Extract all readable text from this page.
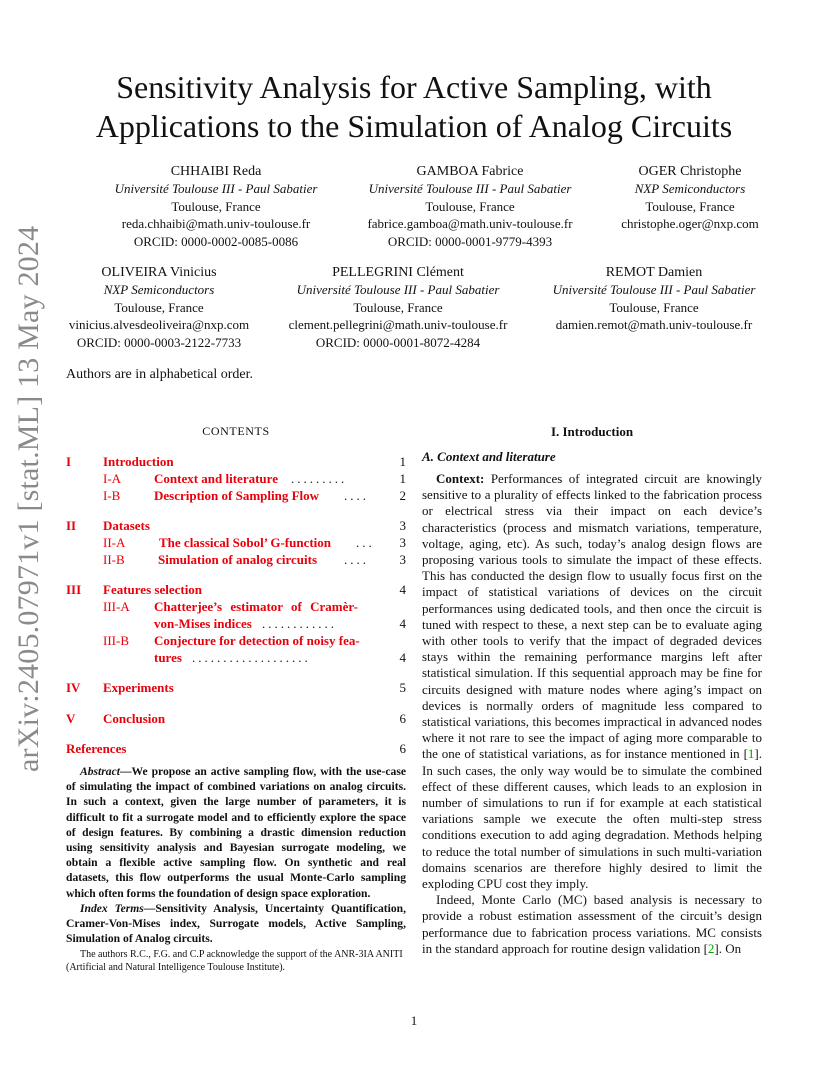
arXiv:2405.07971v1 [stat.ML] 13 May 2024
Sensitivity Analysis for Active Sampling, with
Applications to the Simulation of Analog Circuits
CHHAIBI Reda
Université Toulouse III - Paul Sabatier
Toulouse, France
reda.chhaibi@math.univ-toulouse.fr
ORCID: 0000-0002-0085-0086
GAMBOA Fabrice
Université Toulouse III - Paul Sabatier
Toulouse, France
fabrice.gamboa@math.univ-toulouse.fr
ORCID: 0000-0001-9779-4393
OGER Christophe
NXP Semiconductors
Toulouse, France
christophe.oger@nxp.com
OLIVEIRA Vinicius
NXP Semiconductors
Toulouse, France
vinicius.alvesdeoliveira@nxp.com
ORCID: 0000-0003-2122-7733
PELLEGRINI Clément
Université Toulouse III - Paul Sabatier
Toulouse, France
clement.pellegrini@math.univ-toulouse.fr
ORCID: 0000-0001-8072-4284
REMOT Damien
Université Toulouse III - Paul Sabatier
Toulouse, France
damien.remot@math.univ-toulouse.fr
Authors are in alphabetical order.
CONTENTS
I Introduction	1
I-A	Context and literature .........	1
I-B	Description of Sampling Flow .... 2
II Datasets	3
II-A	The classical Sobol’ G-function ... 3
II-B	Simulation of analog circuits .... 3
III Features selection	4
III-A Chatterjee’s estimator of Cramèr-
von-Mises indices ............	4
III-B Conjecture for detection of noisy fea-
tures ...................	4
IV Experiments	5
V Conclusion	6
References	6
Abstract—We propose an active sampling flow, with the use-case of simulating the impact of combined variations on analog circuits. In such a context, given the large number of parameters, it is difficult to fit a surrogate model and to efficiently explore the space of design features. By combining a drastic dimension reduction using sensitivity analysis and Bayesian surrogate modeling, we obtain a flexible active sampling flow. On synthetic and real datasets, this flow outperforms the usual Monte-Carlo sampling which often forms the foundation of design space exploration.
Index Terms—Sensitivity Analysis, Uncertainty Quantification, Cramer-Von-Mises index, Surrogate models, Active Sampling, Simulation of Analog circuits.
The authors R.C., F.G. and C.P acknowledge the support of the ANR-3IA ANITI (Artificial and Natural Intelligence Toulouse Institute).
I. Introduction
A. Context and literature

Context: Performances of integrated circuit are knowingly sensitive to a plurality of effects linked to the fabrication process or electrical stress via their impact on each device’s characteristics (process and mismatch variations, temperature, voltage, aging, etc). As such, today’s analog design flows are proposing various tools to simulate the impact of these effects. This has conducted the design flow to usually focus first on the impact of statistical variations of devices on the circuit performances using dedicated tools, and then once the circuit is tuned with respect to these, a next step can be to evaluate aging with other tools to verify that the impact of degraded devices stays within the remaining performance margins left after statistical simulation. If this sequential approach may be fine for circuits designed with mature nodes where aging’s impact on devices is normally orders of magnitude less compared to statistical variations, this becomes impractical in advanced nodes where it not rare to see the impact of aging more comparable to the one of statistical variations, as for instance mentioned in [1]. In such cases, the only way would be to simulate the combined effect of these different causes, which leads to an explosion in number of simulations to run if for example at each statistical variations sample we execute the often multi-step stress conditions execution to add aging degradation. Methods helping to reduce the total number of simulations in such multi-variation domains scenarios are therefore highly desired to limit the exploding CPU cost they imply.

Indeed, Monte Carlo (MC) based analysis is necessary to provide a robust estimation assessment of the circuit’s design performance due to fabrication process variations. MC consists in the standard approach for routine design validation [2]. On

1
